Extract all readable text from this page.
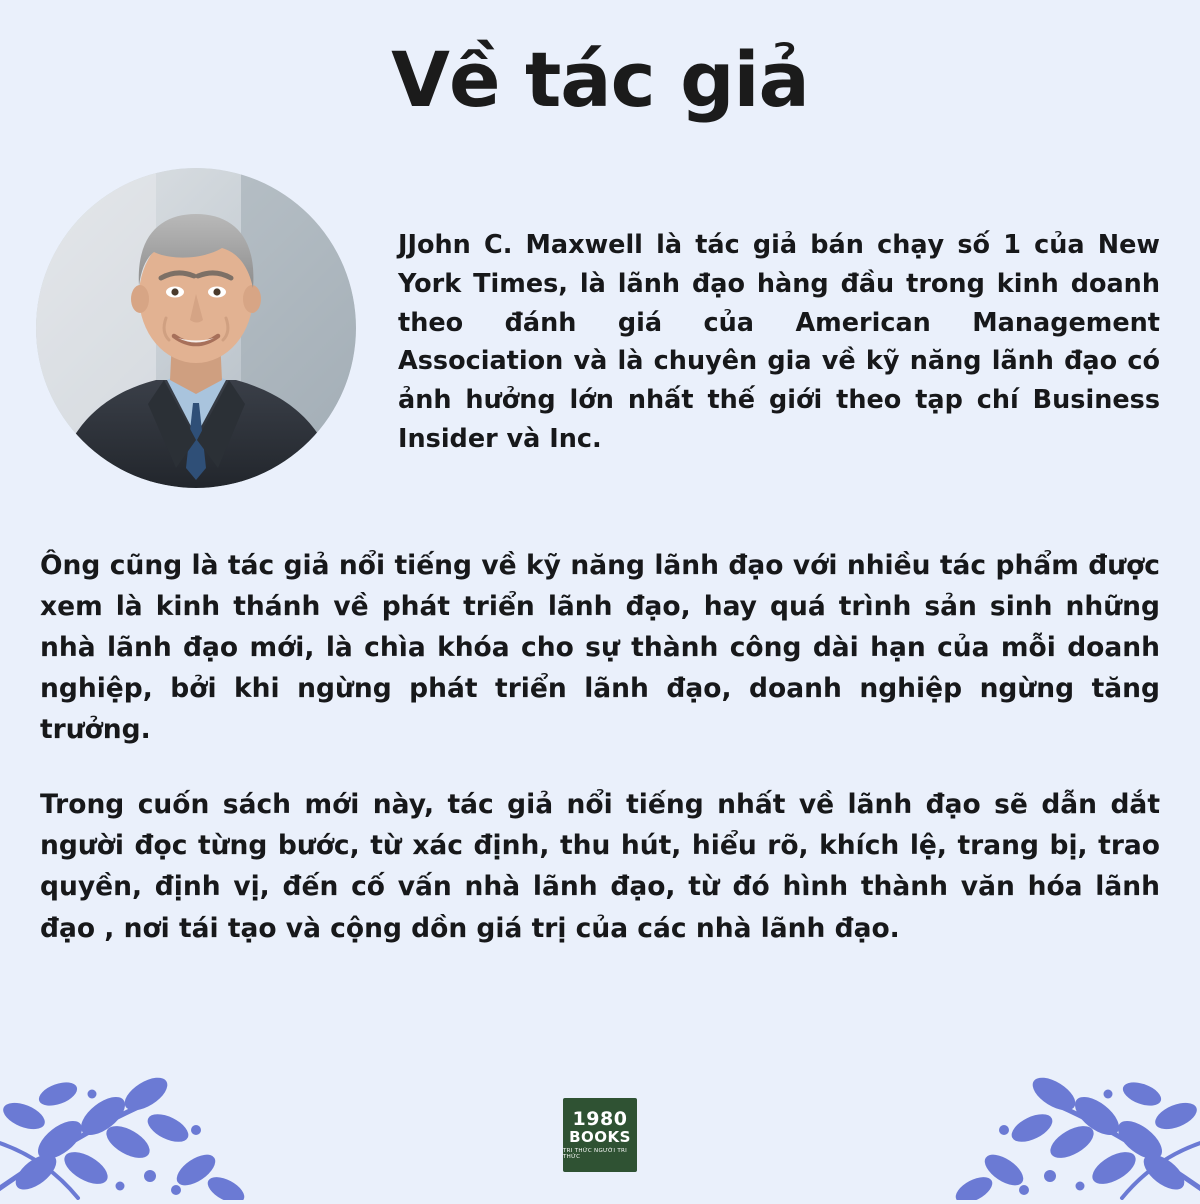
Về tác giả
JJohn C. Maxwell là tác giả bán chạy số 1 của New York Times, là lãnh đạo hàng đầu trong kinh doanh theo đánh giá của American Management Association và là chuyên gia về kỹ năng lãnh đạo có ảnh hưởng lớn nhất thế giới theo tạp chí Business Insider và Inc.

Ông cũng là tác giả nổi tiếng về kỹ năng lãnh đạo với nhiều tác phẩm được xem là kinh thánh về phát triển lãnh đạo, hay quá trình sản sinh những nhà lãnh đạo mới, là chìa khóa cho sự thành công dài hạn của mỗi doanh nghiệp, bởi khi ngừng phát triển lãnh đạo, doanh nghiệp ngừng tăng trưởng.

Trong cuốn sách mới này, tác giả nổi tiếng nhất về lãnh đạo sẽ dẫn dắt người đọc từng bước, từ xác định, thu hút, hiểu rõ, khích lệ, trang bị, trao quyền, định vị, đến cố vấn nhà lãnh đạo, từ đó hình thành văn hóa lãnh đạo , nơi tái tạo và cộng dồn giá trị của các nhà lãnh đạo.

1980
BOOKS
TRI THỨC NGƯỜI TRI THỨC
